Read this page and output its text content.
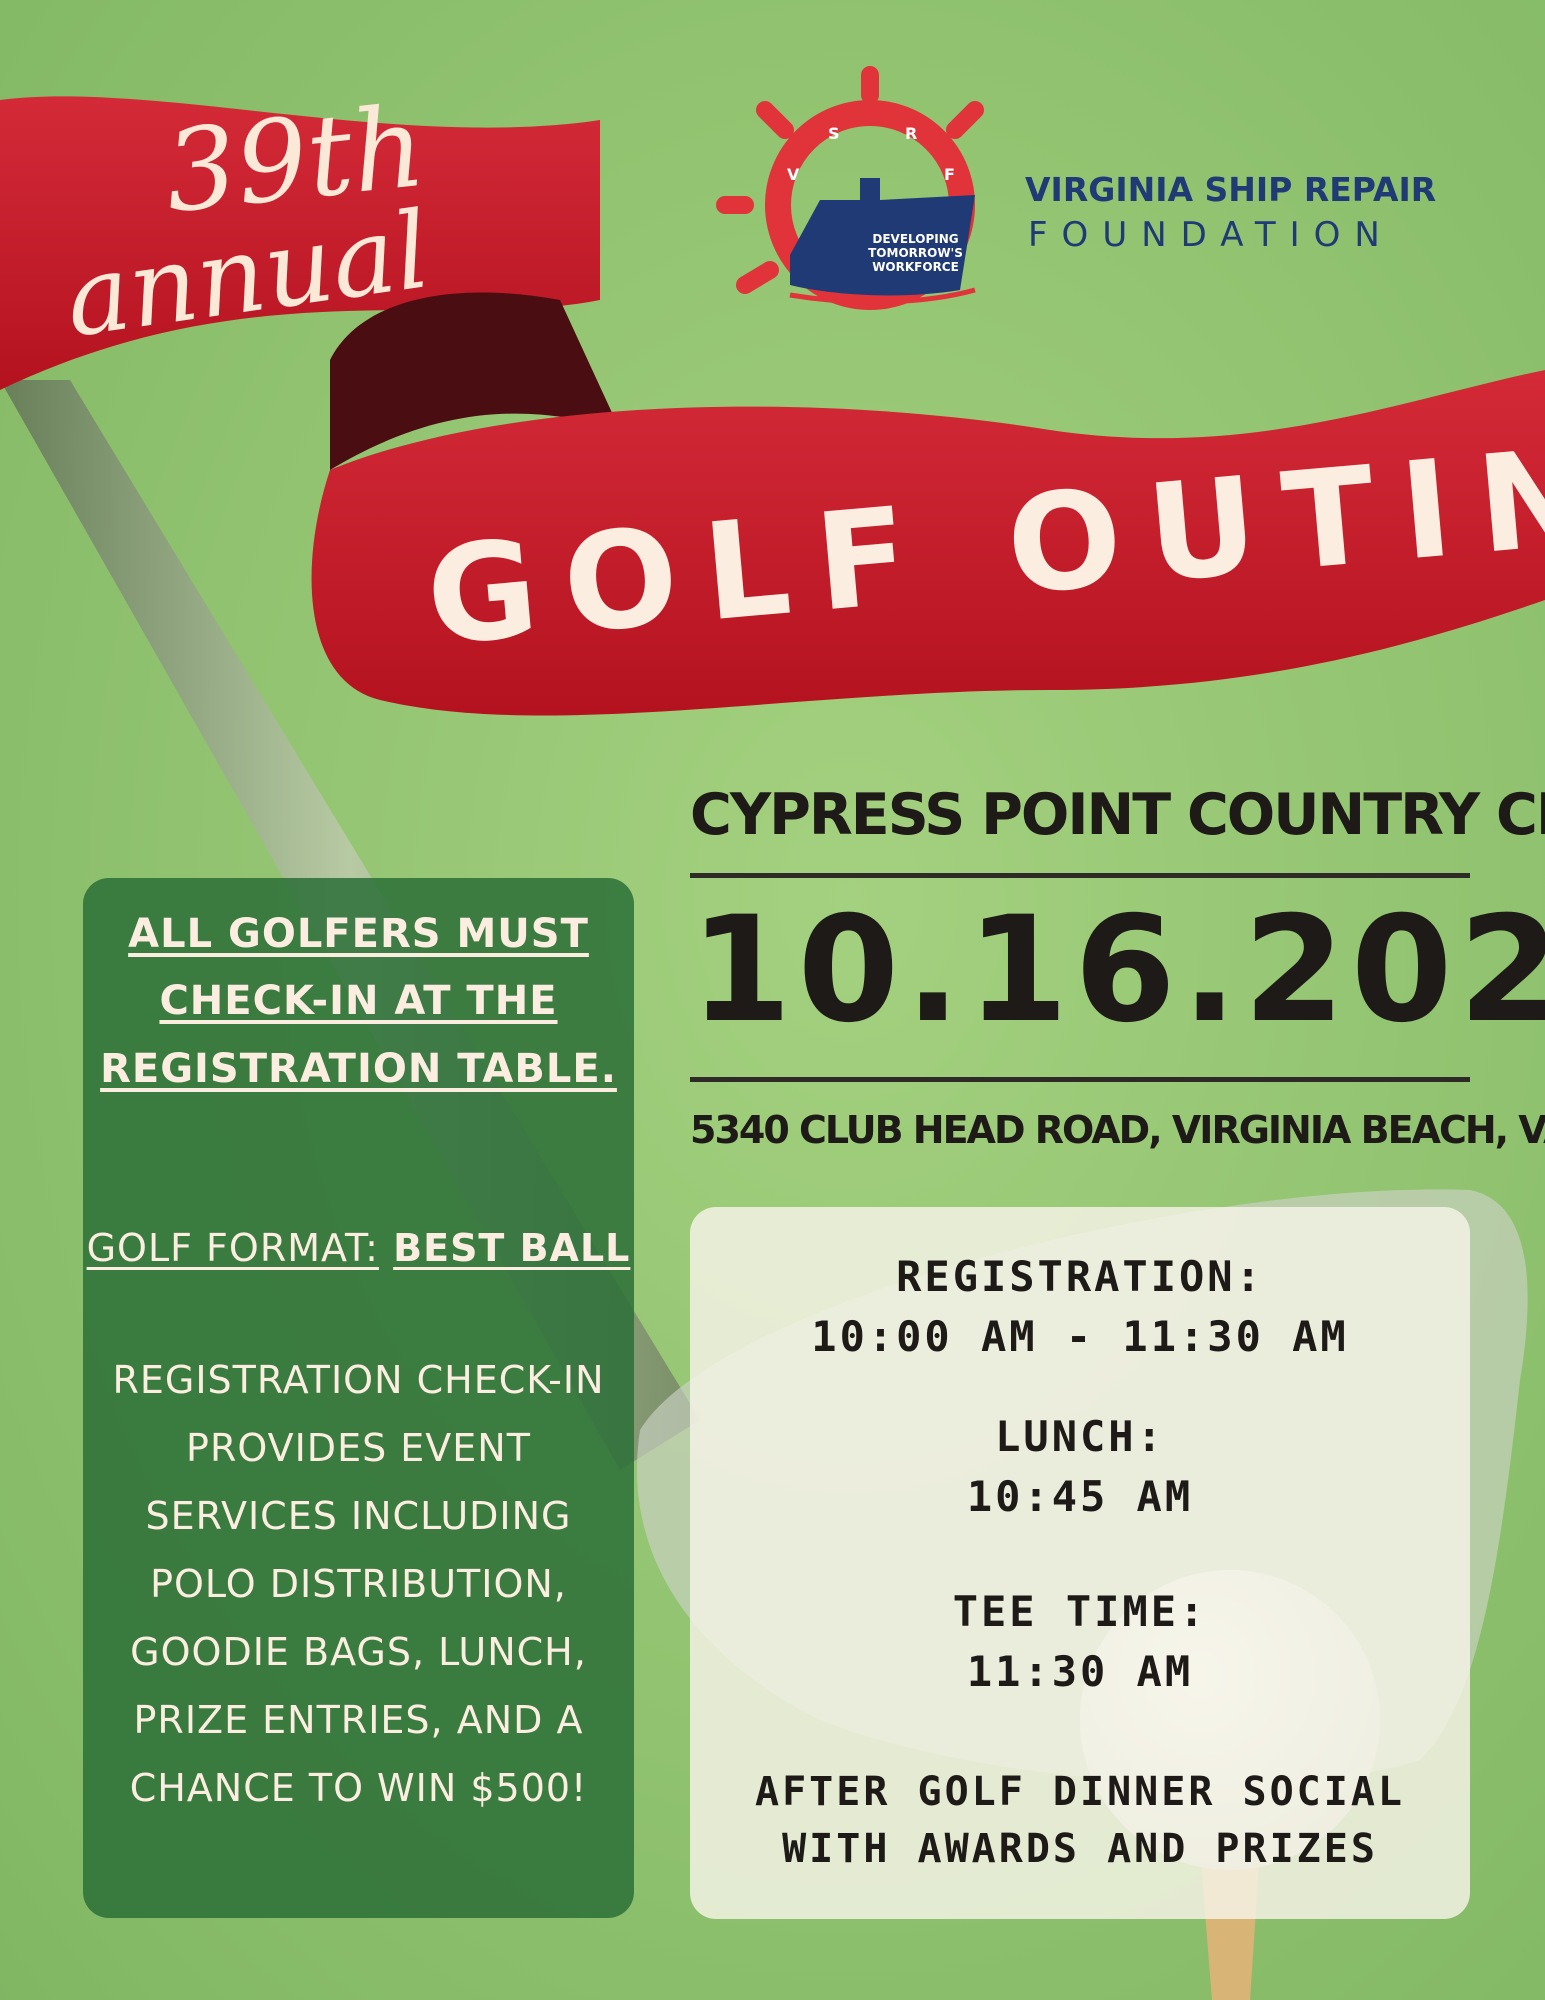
39th
annual
GOLF OUTING
V
S	R
F
DEVELOPING
TOMORROW'S
WORKFORCE
VIRGINIA SHIP REPAIR
FOUNDATION
CYPRESS POINT COUNTRY
10.16.20
5340 CLUB HEAD ROAD, VIRGINIA BEACH, VA
ALL GOLFERS MUST
CHECK-IN AT THE
REGISTRATION TABLE.
GOLF FORMAT: BEST BALL
REGISTRATION CHECK-IN
PROVIDES EVENT
SERVICES INCLUDING
POLO DISTRIBUTION,
GOODIE BAGS, LUNCH,
PRIZE ENTRIES, AND A
CHANCE TO WIN $500!
REGISTRATION:
10:00 AM - 11:30 AM
LUNCH:
10:45 AM
TEE TIME:
11:30 AM
AFTER GOLF DINNER SOCIAL
WITH AWARDS AND PRIZES
